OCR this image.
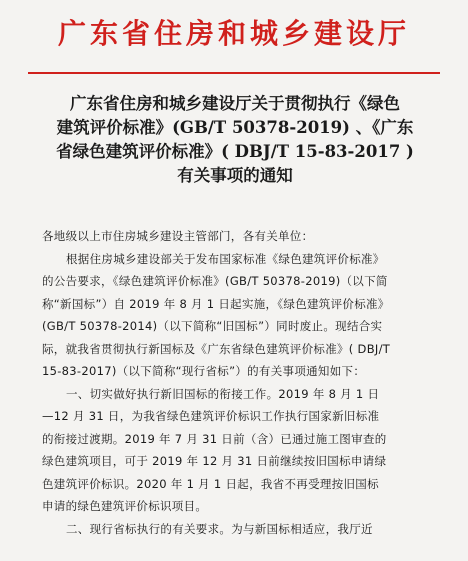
广东省住房和城乡建设厅
广东省住房和城乡建设厅关于贯彻执行《绿色
建筑评价标准》(GB/T 50378-2019) 、《广东
省绿色建筑评价标准》( DBJ/T 15-83-2017 )
有关事项的通知
各地级以上市住房城乡建设主管部门，各有关单位：
根据住房城乡建设部关于发布国家标准《绿色建筑评价标准》
的公告要求，《绿色建筑评价标准》(GB/T 50378-2019)（以下简
称“新国标”）自 2019 年 8 月 1 日起实施，《绿色建筑评价标准》
(GB/T 50378-2014)（以下简称“旧国标”）同时废止。现结合实
际，就我省贯彻执行新国标及《广东省绿色建筑评价标准》( DBJ/T
15-83-2017)（以下简称“现行省标”）的有关事项通知如下：
一、切实做好执行新旧国标的衔接工作。2019 年 8 月 1 日
—12 月 31 日，为我省绿色建筑评价标识工作执行国家新旧标准
的衔接过渡期。2019 年 7 月 31 日前（含）已通过施工图审查的
绿色建筑项目，可于 2019 年 12 月 31 日前继续按旧国标申请绿
色建筑评价标识。2020 年 1 月 1 日起，我省不再受理按旧国标
申请的绿色建筑评价标识项目。
二、现行省标执行的有关要求。为与新国标相适应，我厅近
